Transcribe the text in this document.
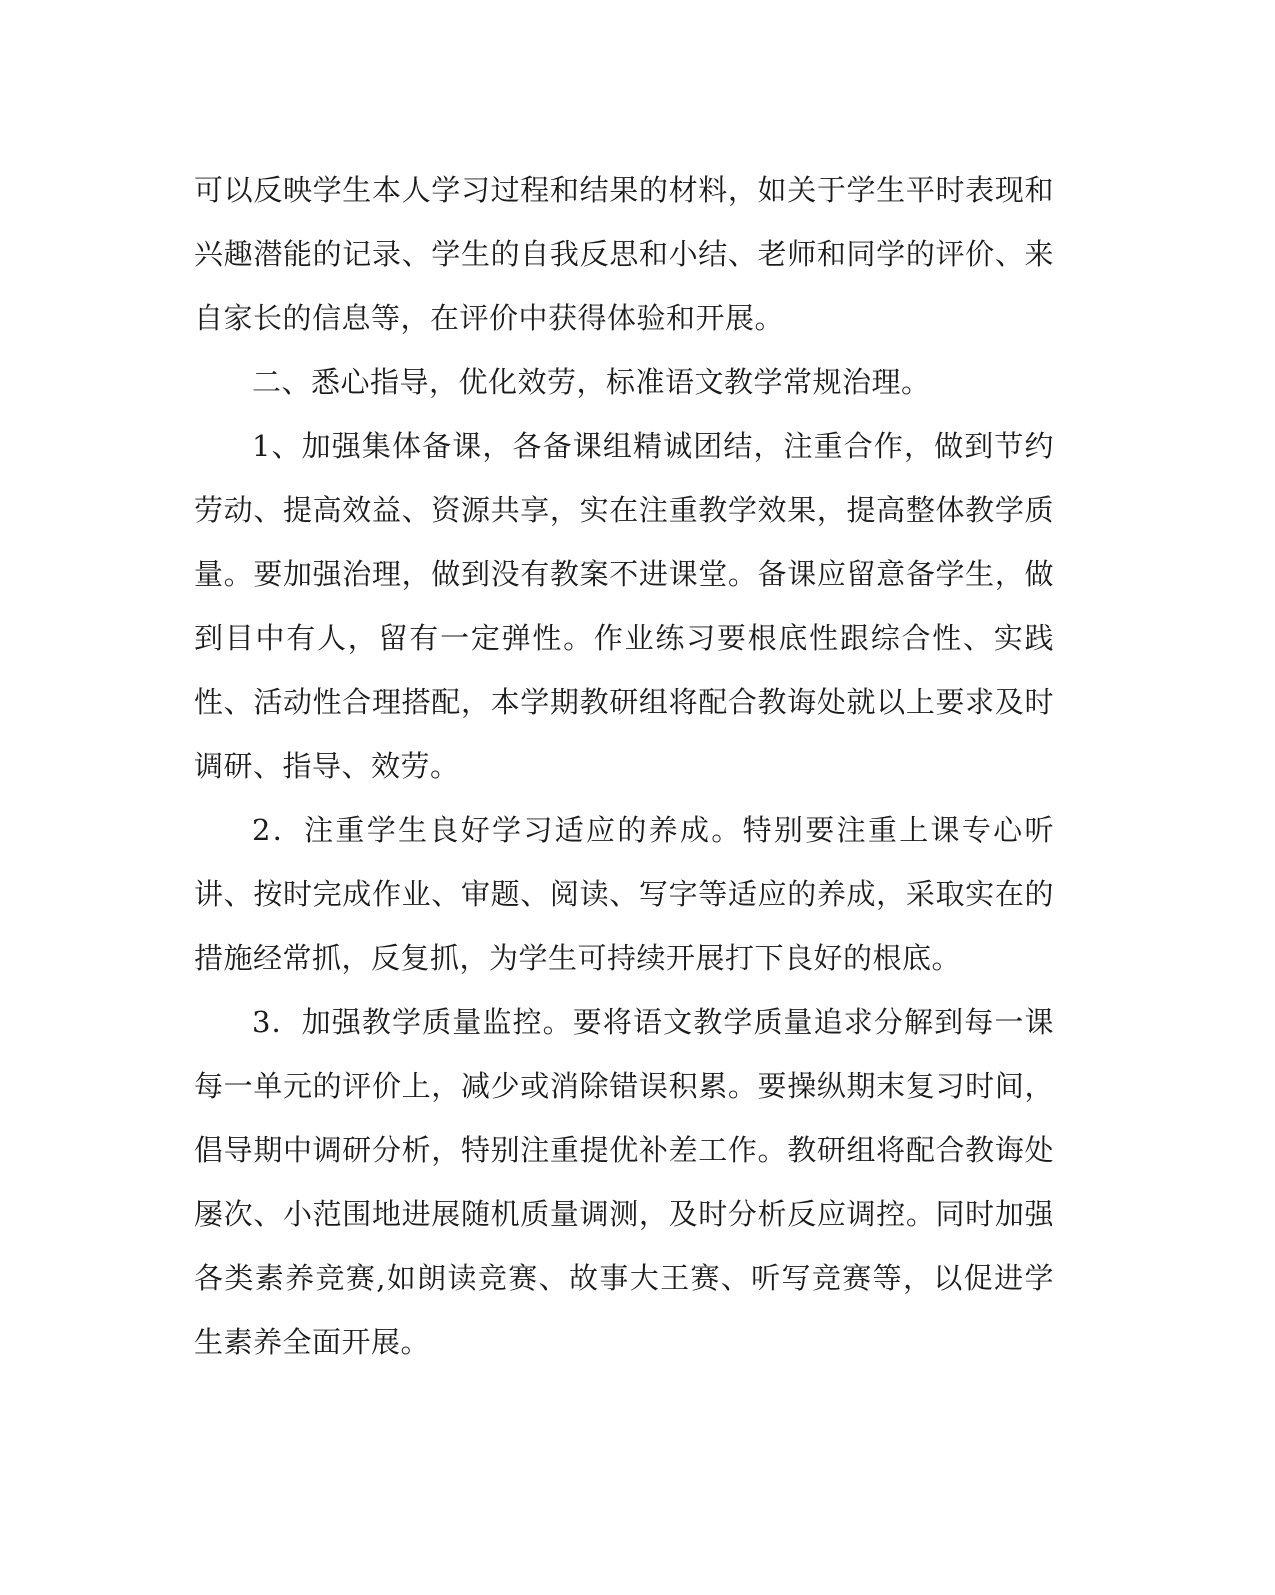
可以反映学生本人学习过程和结果的材料，如关于学生平时表现和兴趣潜能的记录、学生的自我反思和小结、老师和同学的评价、来自家长的信息等，在评价中获得体验和开展。

二、悉心指导，优化效劳，标准语文教学常规治理。

1、加强集体备课，各备课组精诚团结，注重合作，做到节约劳动、提高效益、资源共享，实在注重教学效果，提高整体教学质量。要加强治理，做到没有教案不进课堂。备课应留意备学生，做到目中有人，留有一定弹性。作业练习要根底性跟综合性、实践性、活动性合理搭配，本学期教研组将配合教诲处就以上要求及时调研、指导、效劳。

2．注重学生良好学习适应的养成。特别要注重上课专心听讲、按时完成作业、审题、阅读、写字等适应的养成，采取实在的措施经常抓，反复抓，为学生可持续开展打下良好的根底。

3．加强教学质量监控。要将语文教学质量追求分解到每一课每一单元的评价上，减少或消除错误积累。要操纵期末复习时间，倡导期中调研分析，特别注重提优补差工作。教研组将配合教诲处屡次、小范围地进展随机质量调测，及时分析反应调控。同时加强各类素养竞赛,如朗读竞赛、故事大王赛、听写竞赛等，以促进学生素养全面开展。
